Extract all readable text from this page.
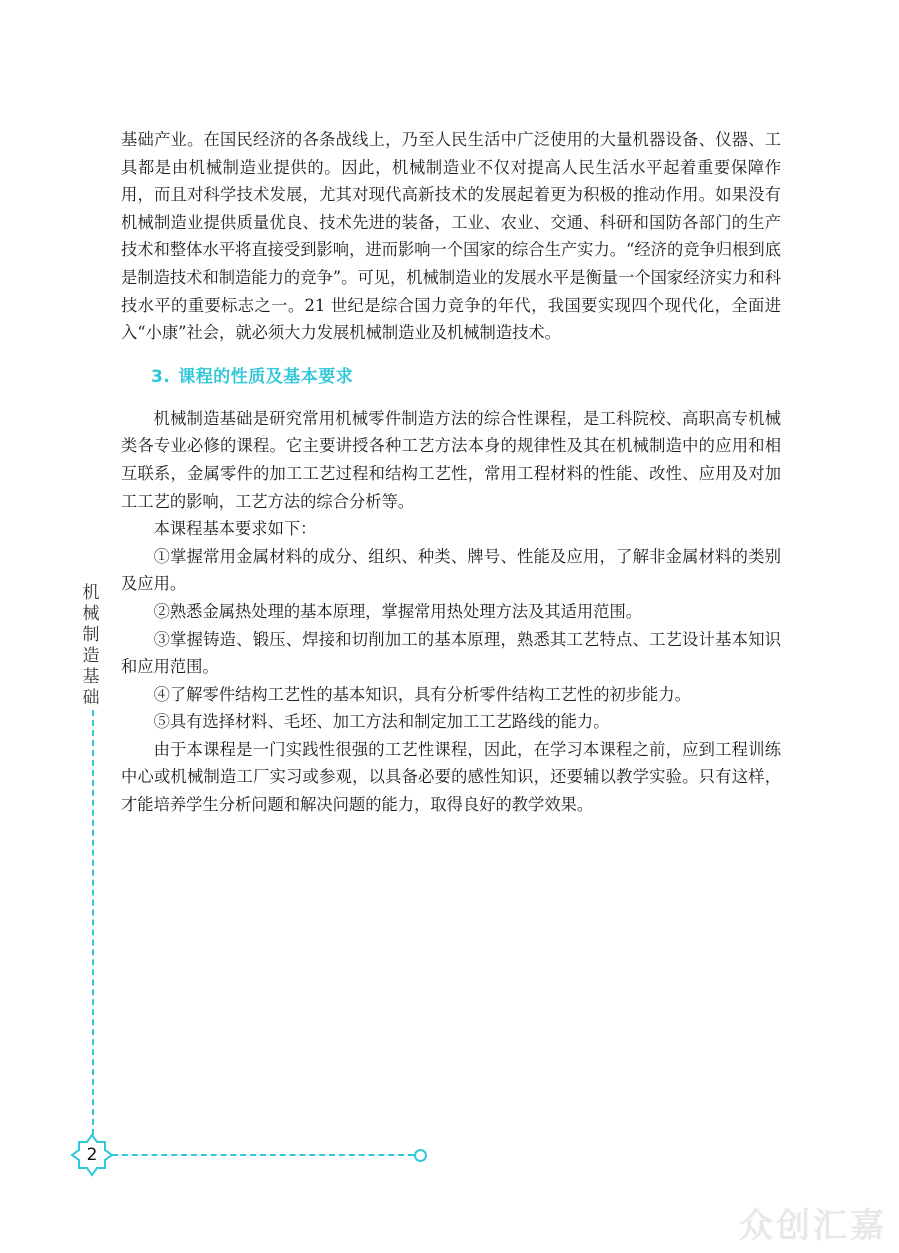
基础产业。在国民经济的各条战线上，乃至人民生活中广泛使用的大量机器设备、仪器、工具都是由机械制造业提供的。因此，机械制造业不仅对提高人民生活水平起着重要保障作用，而且对科学技术发展，尤其对现代高新技术的发展起着更为积极的推动作用。如果没有机械制造业提供质量优良、技术先进的装备，工业、农业、交通、科研和国防各部门的生产技术和整体水平将直接受到影响，进而影响一个国家的综合生产实力。“经济的竞争归根到底是制造技术和制造能力的竞争”。可见，机械制造业的发展水平是衡量一个国家经济实力和科技水平的重要标志之一。21 世纪是综合国力竞争的年代，我国要实现四个现代化，全面进入“小康”社会，就必须大力发展机械制造业及机械制造技术。

3. 课程的性质及基本要求

机械制造基础是研究常用机械零件制造方法的综合性课程，是工科院校、高职高专机械类各专业必修的课程。它主要讲授各种工艺方法本身的规律性及其在机械制造中的应用和相互联系，金属零件的加工工艺过程和结构工艺性，常用工程材料的性能、改性、应用及对加工工艺的影响，工艺方法的综合分析等。

本课程基本要求如下：

①掌握常用金属材料的成分、组织、种类、牌号、性能及应用，了解非金属材料的类别及应用。

②熟悉金属热处理的基本原理，掌握常用热处理方法及其适用范围。

③掌握铸造、锻压、焊接和切削加工的基本原理，熟悉其工艺特点、工艺设计基本知识和应用范围。

④了解零件结构工艺性的基本知识，具有分析零件结构工艺性的初步能力。

⑤具有选择材料、毛坯、加工方法和制定加工工艺路线的能力。

由于本课程是一门实践性很强的工艺性课程，因此，在学习本课程之前，应到工程训练中心或机械制造工厂实习或参观，以具备必要的感性知识，还要辅以教学实验。只有这样，才能培养学生分析问题和解决问题的能力，取得良好的教学效果。

机械制造基础
2
众创汇嘉
